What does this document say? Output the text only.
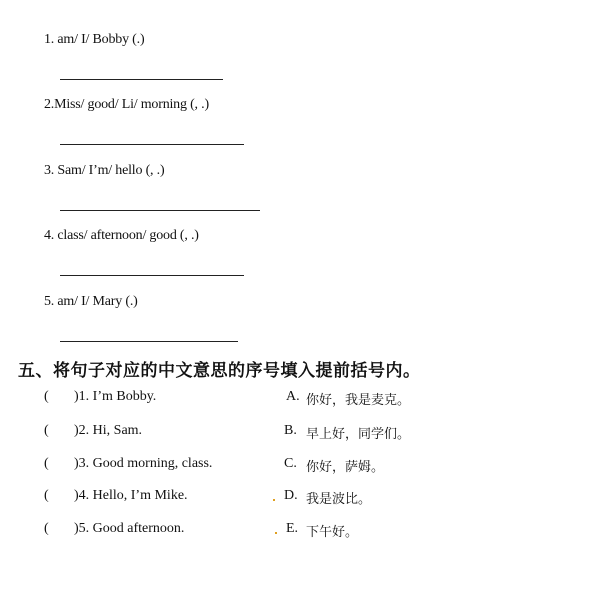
1. am/ I/ Bobby (.)
2.Miss/ good/ Li/ morning (, .)
3. Sam/ I’m/ hello (, .)
4. class/ afternoon/ good (, .)
5. am/ I/ Mary (.)
五、将句子对应的中文意思的序号填入提前括号内。
( )1. I’m Bobby.	A. 你好，我是麦克。
( )2. Hi, Sam.	B. 早上好，同学们。
( )3. Good morning, class.	C. 你好，萨姆。
( )4. Hello, I’m Mike.	D. 我是波比。
( )5. Good afternoon.	E. 下午好。
